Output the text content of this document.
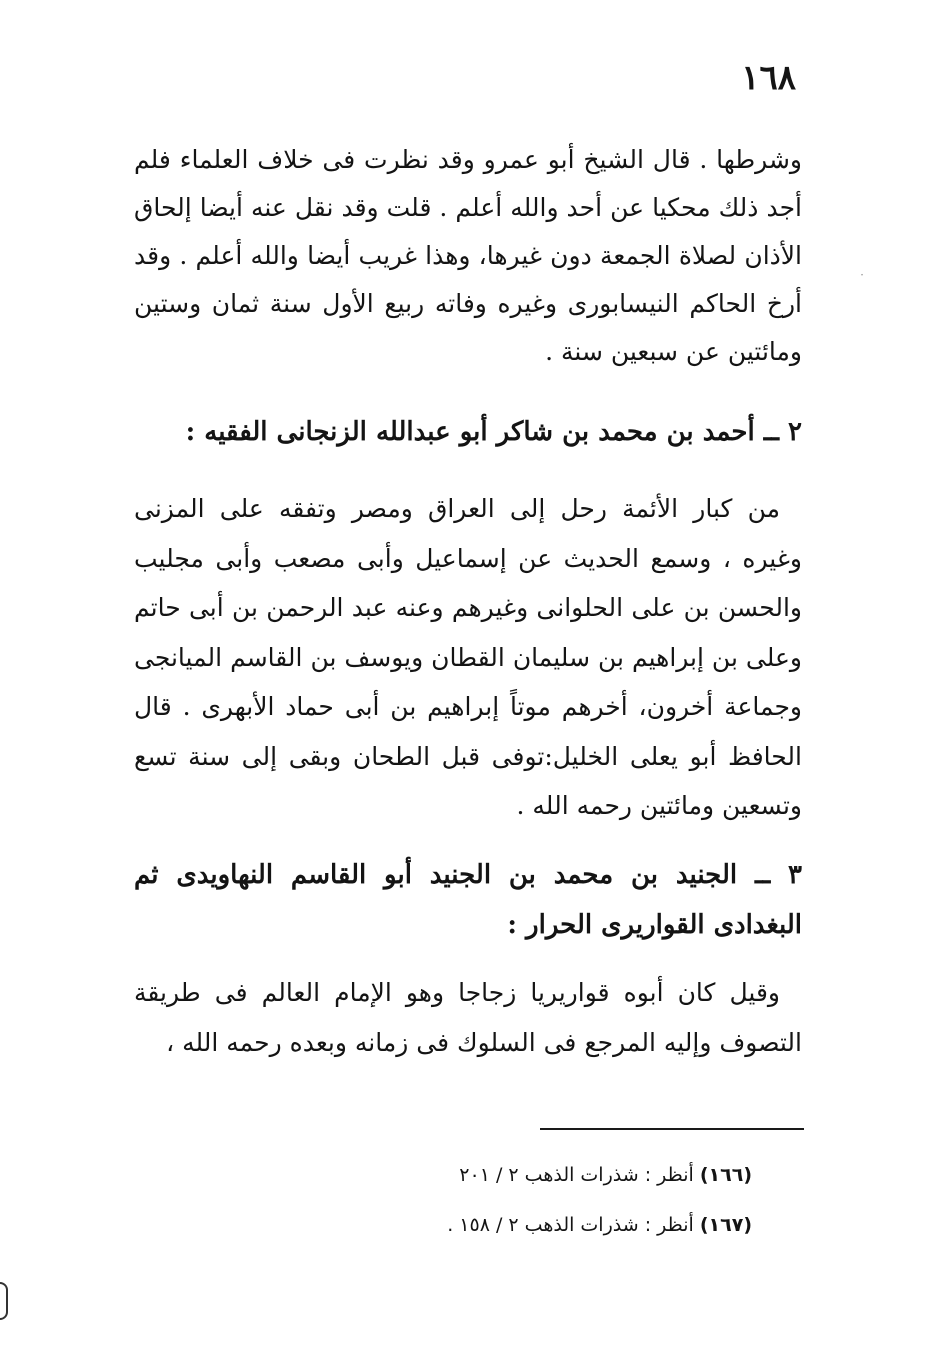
١٦٨
·

وشرطها . قال الشيخ أبو عمرو وقد نظرت فى خلاف العلماء فلم أجد ذلك محكيا عن أحد والله أعلم . قلت وقد نقل عنه أيضا إلحاق الأذان لصلاة الجمعة دون غيرها، وهذا غريب أيضا والله أعلم . وقد أرخ الحاكم النيسابورى وغيره وفاته ربيع الأول سنة ثمان وستين ومائتين عن سبعين سنة .

٢ ــ أحمد بن محمد بن شاكر أبو عبدالله الزنجانى الفقيه :

من كبار الأئمة رحل إلى العراق ومصر وتفقه على المزنى وغيره ، وسمع الحديث عن إسماعيل وأبى مصعب وأبى مجليب والحسن بن على الحلوانى وغيرهم وعنه عبد الرحمن بن أبى حاتم وعلى بن إبراهيم بن سليمان القطان ويوسف بن القاسم الميانجى وجماعة أخرون، أخرهم موتاً إبراهيم بن أبى حماد الأبهرى . قال الحافظ أبو يعلى الخليل:توفى قبل الطحان وبقى إلى سنة تسع وتسعين ومائتين رحمه الله .

٣ ــ الجنيد بن محمد بن الجنيد أبو القاسم النهاويدى ثم البغدادى القواريرى الحرار :

وقيل كان أبوه قواريريا زجاجا وهو الإمام العالم فى طريقة التصوف وإليه المرجع فى السلوك فى زمانه وبعده رحمه الله ،

(١٦٦) أنظر : شذرات الذهب ٢ / ٢٠١
(١٦٧) أنظر : شذرات الذهب ٢ / ١٥٨ .
